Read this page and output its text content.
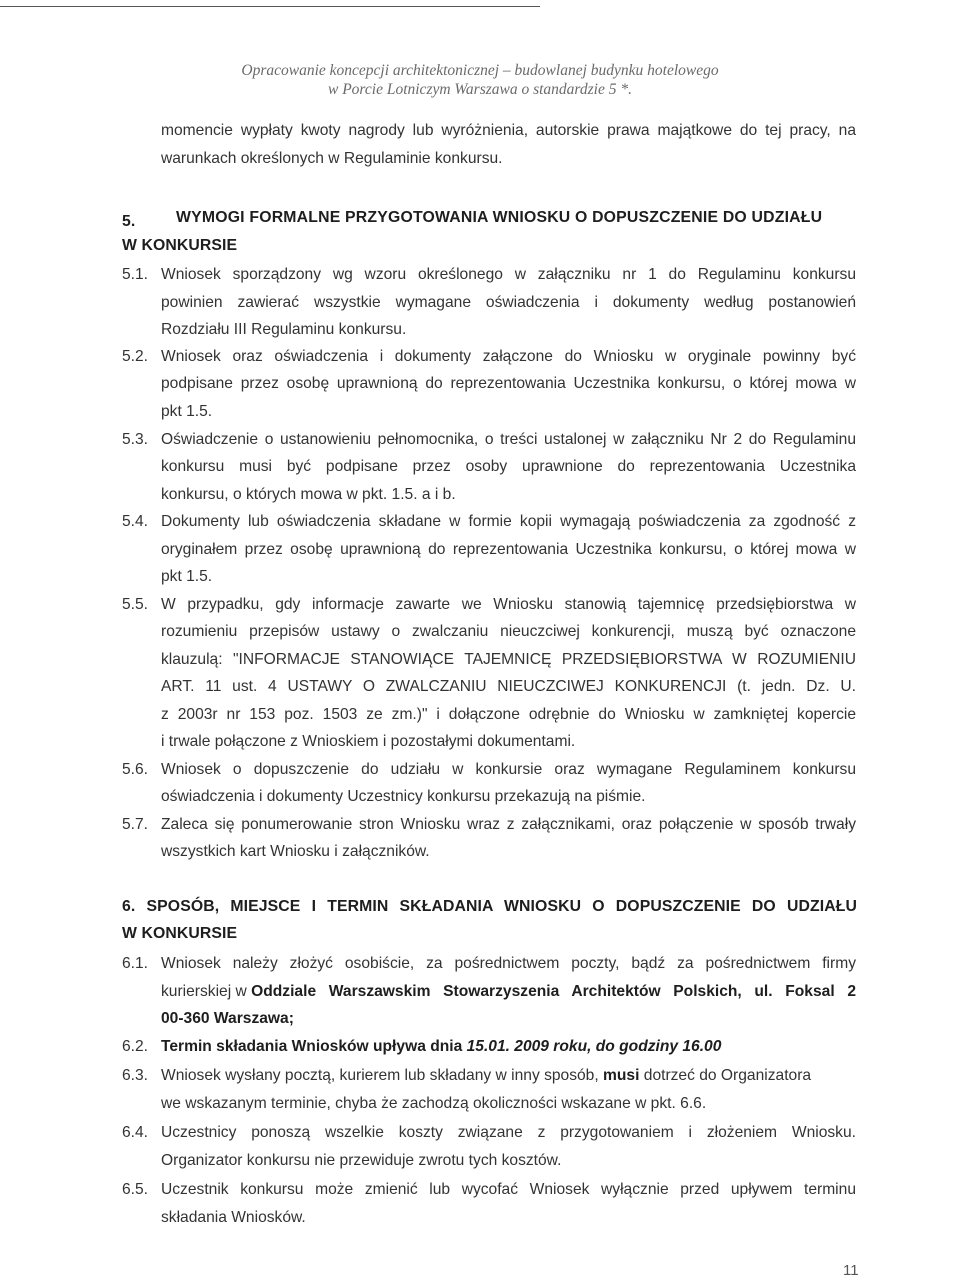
Opracowanie koncepcji architektonicznej – budowlanej budynku hotelowego
w Porcie Lotniczym Warszawa o standardzie 5 *.
momencie wypłaty kwoty nagrody lub wyróżnienia, autorskie prawa majątkowe do tej pracy, na
warunkach określonych w Regulaminie konkursu.
5.	WYMOGI FORMALNE PRZYGOTOWANIA WNIOSKU O DOPUSZCZENIE DO UDZIAŁU
W KONKURSIE
5.1. Wniosek sporządzony wg wzoru określonego w załączniku nr 1 do Regulaminu konkursu
powinien zawierać wszystkie wymagane oświadczenia i dokumenty według postanowień
Rozdziału III Regulaminu konkursu.
5.2. Wniosek oraz oświadczenia i dokumenty załączone do Wniosku w oryginale powinny być
podpisane przez osobę uprawnioną do reprezentowania Uczestnika konkursu, o której mowa w
pkt 1.5.
5.3. Oświadczenie o ustanowieniu pełnomocnika, o treści ustalonej w załączniku Nr 2 do Regulaminu
konkursu musi być podpisane przez osoby uprawnione do reprezentowania Uczestnika
konkursu, o których mowa w pkt. 1.5. a i b.
5.4. Dokumenty lub oświadczenia składane w formie kopii wymagają poświadczenia za zgodność z
oryginałem przez osobę uprawnioną do reprezentowania Uczestnika konkursu, o której mowa w
pkt 1.5.
5.5. W przypadku, gdy informacje zawarte we Wniosku stanowią tajemnicę przedsiębiorstwa w
rozumieniu przepisów ustawy o zwalczaniu nieuczciwej konkurencji, muszą być oznaczone
klauzulą: "INFORMACJE STANOWIĄCE TAJEMNICĘ PRZEDSIĘBIORSTWA W ROZUMIENIU
ART. 11 ust. 4 USTAWY O ZWALCZANIU NIEUCZCIWEJ KONKURENCJI (t. jedn. Dz. U.
z 2003r nr 153 poz. 1503 ze zm.)" i dołączone odrębnie do Wniosku w zamkniętej kopercie
i trwale połączone z Wnioskiem i pozostałymi dokumentami.
5.6. Wniosek o dopuszczenie do udziału w konkursie oraz wymagane Regulaminem konkursu
oświadczenia i dokumenty Uczestnicy konkursu przekazują na piśmie.
5.7. Zaleca się ponumerowanie stron Wniosku wraz z załącznikami, oraz połączenie w sposób trwały
wszystkich kart Wniosku i załączników.
6. SPOSÓB, MIEJSCE I TERMIN SKŁADANIA WNIOSKU O DOPUSZCZENIE DO UDZIAŁU
W KONKURSIE
6.1. Wniosek należy złożyć osobiście, za pośrednictwem poczty, bądź za pośrednictwem firmy
kurierskiej w Oddziale Warszawskim Stowarzyszenia Architektów Polskich, ul. Foksal 2
00-360 Warszawa;
6.2. Termin składania Wniosków upływa dnia 15.01. 2009 roku, do godziny 16.00
6.3. Wniosek wysłany pocztą, kurierem lub składany w inny sposób, musi dotrzeć do Organizatora
we wskazanym terminie, chyba że zachodzą okoliczności wskazane w pkt. 6.6.
6.4. Uczestnicy ponoszą wszelkie koszty związane z przygotowaniem i złożeniem Wniosku.
Organizator konkursu nie przewiduje zwrotu tych kosztów.
6.5. Uczestnik konkursu może zmienić lub wycofać Wniosek wyłącznie przed upływem terminu
składania Wniosków.
11
